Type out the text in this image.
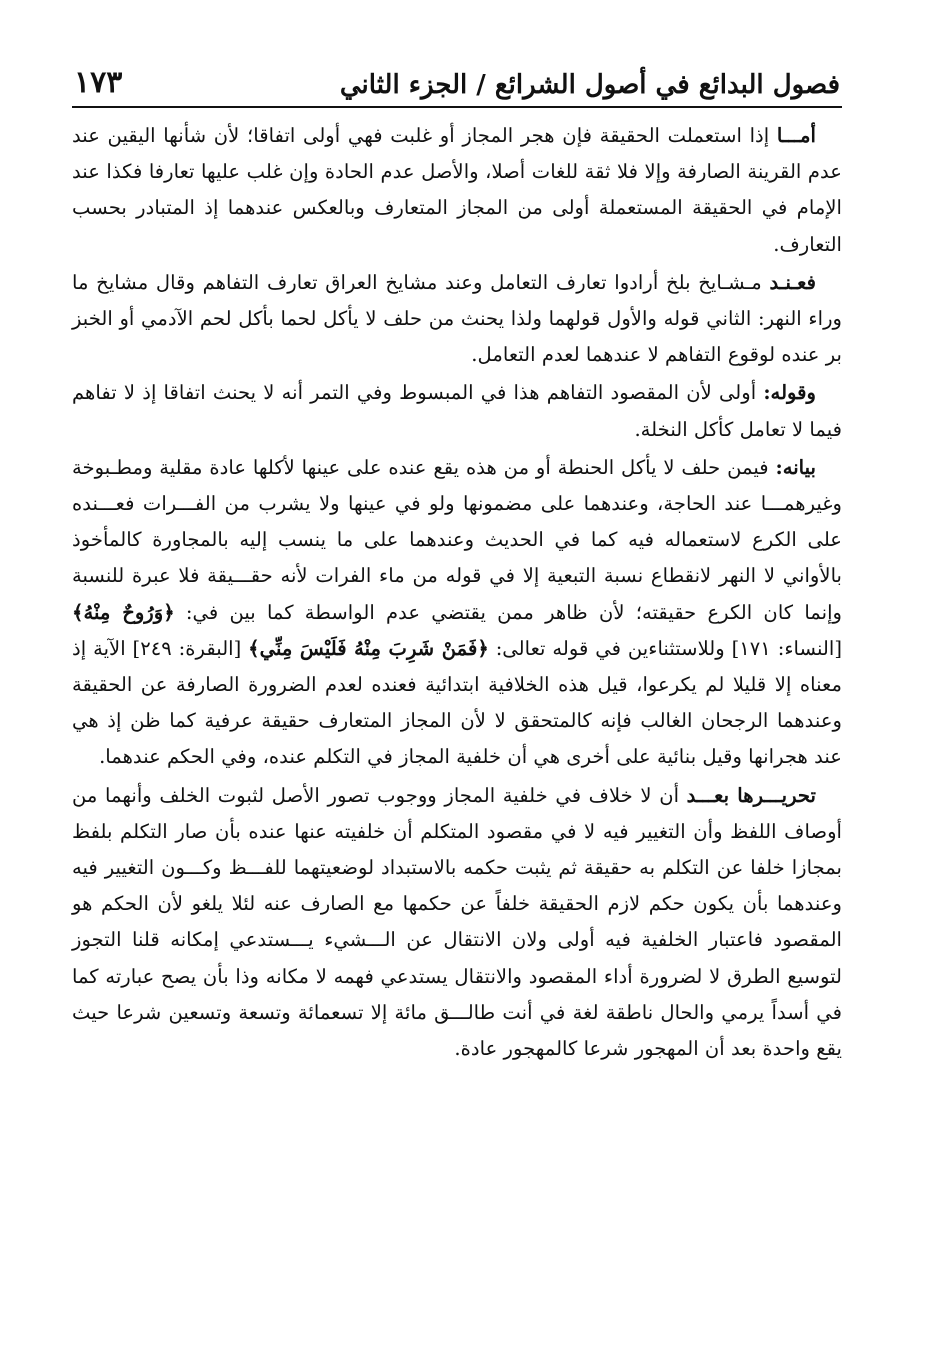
فصول البدائع في أصول الشرائع / الجزء الثاني
١٧٣

أمـــا إذا استعملت الحقيقة فإن هجر المجاز أو غلبت فهي أولى اتفاقا؛ لأن شأنها اليقين عند عدم القرينة الصارفة وإلا فلا ثقة للغات أصلا، والأصل عدم الحادة وإن غلب عليها تعارفا فكذا عند الإمام في الحقيقة المستعملة أولى من المجاز المتعارف وبالعكس عندهما إذ المتبادر بحسب التعارف.

فعـنـد مـشـايخ بلخ أرادوا تعارف التعامل وعند مشايخ العراق تعارف التفاهم وقال مشايخ ما وراء النهر: الثاني قوله والأول قولهما ولذا يحنث من حلف لا يأكل لحما بأكل لحم الآدمي أو الخبز بر عنده لوقوع التفاهم لا عندهما لعدم التعامل.

وقوله: أولى لأن المقصود التفاهم هذا في المبسوط وفي التمر أنه لا يحنث اتفاقا إذ لا تفاهم فيما لا تعامل كأكل النخلة.

بيانه: فيمن حلف لا يأكل الحنطة أو من هذه يقع عنده على عينها لأكلها عادة مقلية ومطـبوخة وغيرهمـــا عند الحاجة، وعندهما على مضمونها ولو في عينها ولا يشرب من الفـــرات فعـــنده على الكرع لاستعماله فيه كما في الحديث وعندهما على ما ينسب إليه بالمجاورة كالمأخوذ بالأواني لا النهر لانقطاع نسبة التبعية إلا في قوله من ماء الفرات لأنه حقـــيقة فلا عبرة للنسبة وإنما كان الكرع حقيقته؛ لأن ظاهر ممن يقتضي عدم الواسطة كما بين في: ﴿وَرُوحٌ مِنْهُ﴾ [النساء: ١٧١] وللاستثناءين في قوله تعالى: ﴿فَمَنْ شَرِبَ مِنْهُ فَلَيْسَ مِنِّي﴾ [البقرة: ٢٤٩] الآية إذ معناه إلا قليلا لم يكرعوا، قيل هذه الخلافية ابتدائية فعنده لعدم الضرورة الصارفة عن الحقيقة وعندهما الرجحان الغالب فإنه كالمتحقق لا لأن المجاز المتعارف حقيقة عرفية كما ظن إذ هي عند هجرانها وقيل بنائية على أخرى هي أن خلفية المجاز في التكلم عنده، وفي الحكم عندهما.

تحريـــرها بعـــد أن لا خلاف في خلفية المجاز ووجوب تصور الأصل لثبوت الخلف وأنهما من أوصاف اللفظ وأن التغيير فيه لا في مقصود المتكلم أن خلفيته عنها عنده بأن صار التكلم بلفظ بمجازا خلفا عن التكلم به حقيقة ثم يثبت حكمه بالاستبداد لوضعيتهما للفـــظ وكـــون التغيير فيه وعندهما بأن يكون حكم لازم الحقيقة خلفاً عن حكمها مع الصارف عنه لئلا يلغو لأن الحكم هو المقصود فاعتبار الخلفية فيه أولى ولان الانتقال عن الـــشيء يـــستدعي إمكانه قلنا التجوز لتوسيع الطرق لا لضرورة أداء المقصود والانتقال يستدعي فهمه لا مكانه وذا بأن يصح عبارته كما في أسداً يرمي والحال ناطقة لغة في أنت طالـــق مائة إلا تسعمائة وتسعة وتسعين شرعا حيث يقع واحدة بعد أن المهجور شرعا كالمهجور عادة.
